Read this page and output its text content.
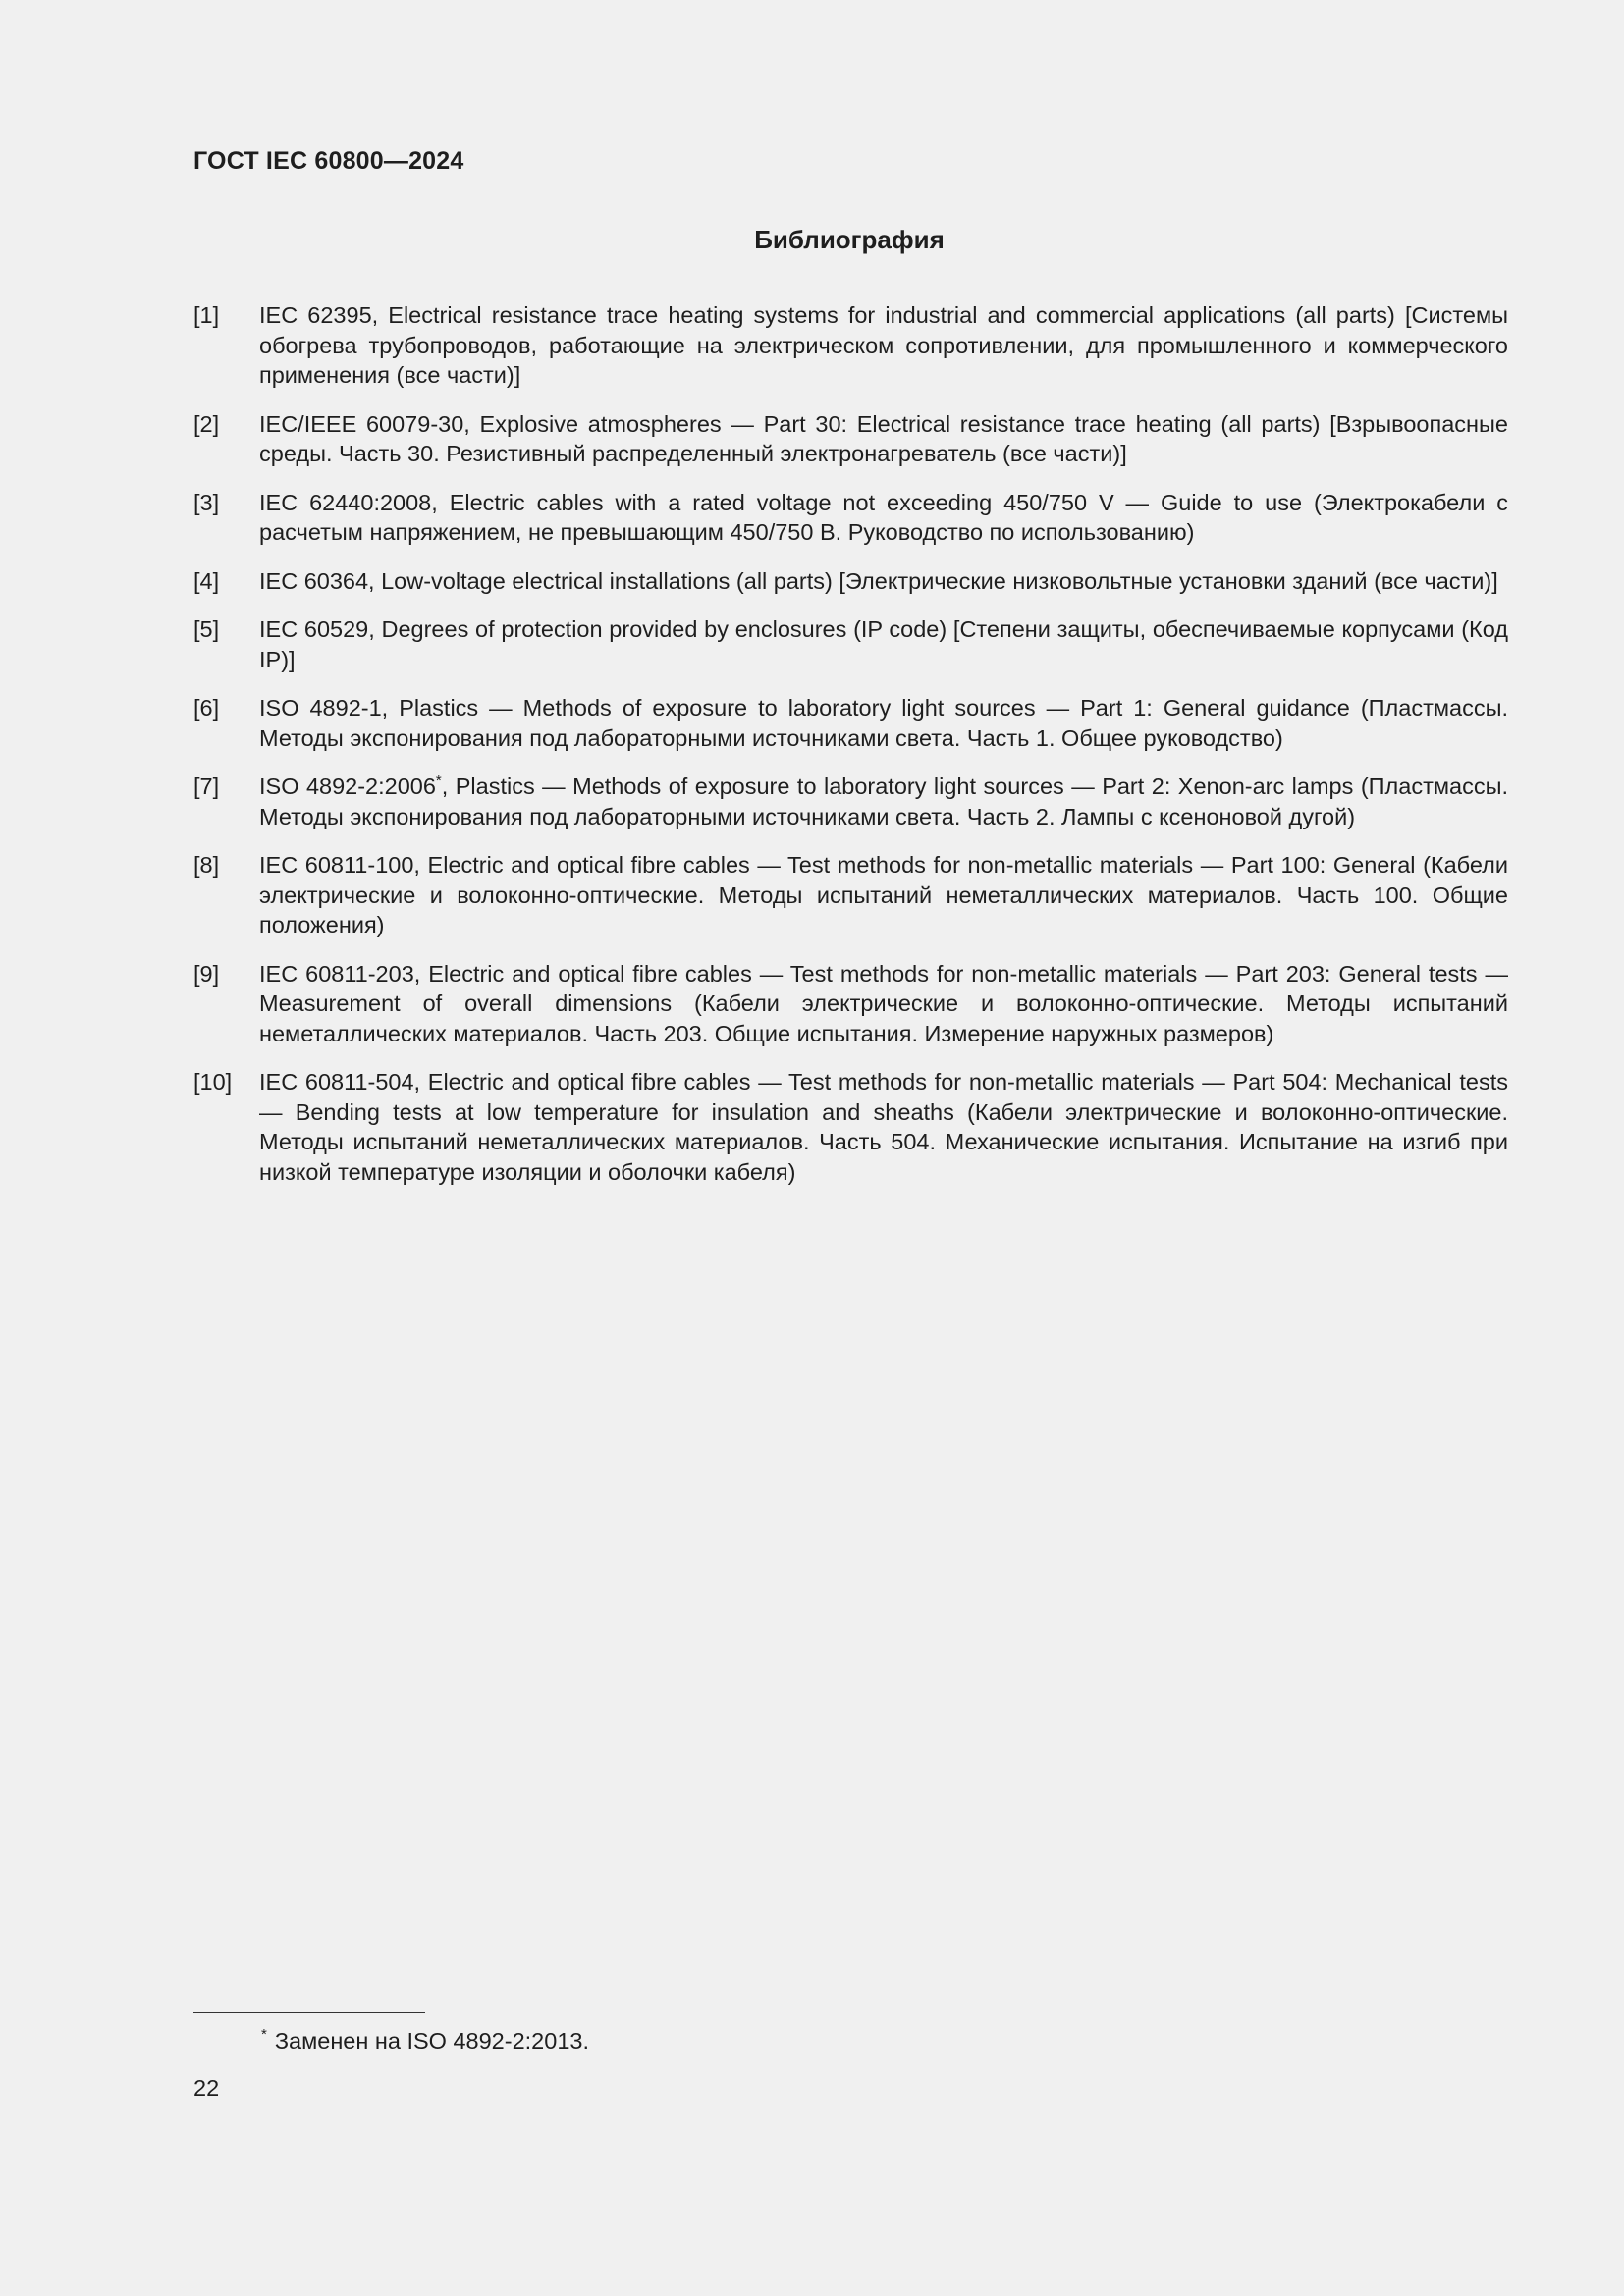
ГОСТ IEC 60800—2024
Библиография
[1]	IEC 62395, Electrical resistance trace heating systems for industrial and commercial applications (all parts) [Системы обогрева трубопроводов, работающие на электрическом сопротивлении, для промышленного и коммерческого применения (все части)]
[2]	IEC/IEEE 60079-30, Explosive atmospheres — Part 30: Electrical resistance trace heating (all parts) [Взрывоопасные среды. Часть 30. Резистивный распределенный электронагреватель (все части)]
[3]	IEC 62440:2008, Electric cables with a rated voltage not exceeding 450/750 V — Guide to use (Электрокабели с расчетым напряжением, не превышающим 450/750 В. Руководство по использованию)
[4]	IEC 60364, Low-voltage electrical installations (all parts) [Электрические низковольтные установки зданий (все части)]
[5]	IEC 60529, Degrees of protection provided by enclosures (IP code) [Степени защиты, обеспечиваемые корпусами (Код IP)]
[6]	ISO 4892-1, Plastics — Methods of exposure to laboratory light sources — Part 1: General guidance (Пластмассы. Методы экспонирования под лабораторными источниками света. Часть 1. Общее руководство)
[7]	ISO 4892-2:2006*, Plastics — Methods of exposure to laboratory light sources — Part 2: Xenon-arc lamps (Пластмассы. Методы экспонирования под лабораторными источниками света. Часть 2. Лампы с ксеноновой дугой)
[8]	IEC 60811-100, Electric and optical fibre cables — Test methods for non-metallic materials — Part 100: General (Кабели электрические и волоконно-оптические. Методы испытаний неметаллических материалов. Часть 100. Общие положения)
[9]	IEC 60811-203, Electric and optical fibre cables — Test methods for non-metallic materials — Part 203: General tests — Measurement of overall dimensions (Кабели электрические и волоконно-оптические. Методы испытаний неметаллических материалов. Часть 203. Общие испытания. Измерение наружных размеров)
[10]	IEC 60811-504, Electric and optical fibre cables — Test methods for non-metallic materials — Part 504: Mechanical tests — Bending tests at low temperature for insulation and sheaths (Кабели электрические и волоконно-оптические. Методы испытаний неметаллических материалов. Часть 504. Механические испытания. Испытание на изгиб при низкой температуре изоляции и оболочки кабеля)
* Заменен на ISO 4892-2:2013.
22
